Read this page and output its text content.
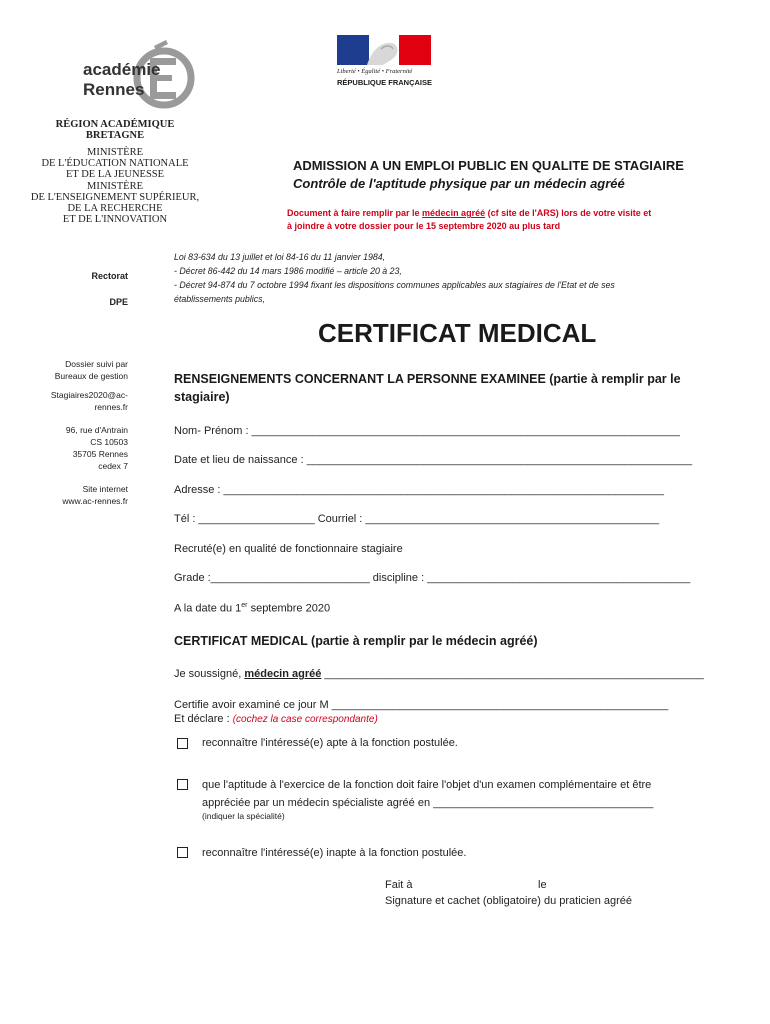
académie
Rennes
Liberté • Égalité • Fraternité
RÉPUBLIQUE FRANÇAISE
RÉGION ACADÉMIQUE
BRETAGNE
MINISTÈRE
DE L'ÉDUCATION NATIONALE
ET DE LA JEUNESSE
MINISTÈRE
DE L'ENSEIGNEMENT SUPÉRIEUR,
DE LA RECHERCHE
ET DE L'INNOVATION
ADMISSION A UN EMPLOI PUBLIC EN QUALITE DE STAGIAIRE
Contrôle de l'aptitude physique par un médecin agréé
Document à faire remplir par le médecin agréé (cf site de l'ARS) lors de votre visite et
à joindre à votre dossier pour le 15 septembre 2020 au plus tard
Rectorat
DPE
Dossier suivi par
Bureaux de gestion
Stagiaires2020@ac-
rennes.fr
96, rue d'Antrain
CS 10503
35705 Rennes
cedex 7
Site internet
www.ac-rennes.fr
Loi 83-634 du 13 juillet et loi 84-16 du 11 janvier 1984,
- Décret 86-442 du 14 mars 1986 modifié – article 20 à 23,
- Décret 94-874 du 7 octobre 1994 fixant les dispositions communes applicables aux stagiaires de l'Etat et de ses
établissements publics,
CERTIFICAT MEDICAL
RENSEIGNEMENTS CONCERNANT LA PERSONNE EXAMINEE (partie à remplir par le
stagiaire)
Nom- Prénom : ______________________________________________________________________
Date et lieu de naissance : _______________________________________________________________
Adresse : ________________________________________________________________________
Tél : ___________________ Courriel : ________________________________________________
Recruté(e) en qualité de fonctionnaire stagiaire
Grade :__________________________ discipline : ___________________________________________
A la date du 1er septembre 2020
CERTIFICAT MEDICAL (partie à remplir par le médecin agréé)
Je soussigné, médecin agréé ______________________________________________________________
Certifie avoir examiné ce jour M _______________________________________________________
Et déclare : (cochez la case correspondante)
reconnaître l'intéressé(e) apte à la fonction postulée.
que l'aptitude à l'exercice de la fonction doit faire l'objet d'un examen complémentaire et être
appréciée par un médecin spécialiste agréé en ____________________________________
(indiquer la spécialité)
reconnaître l'intéressé(e) inapte à la fonction postulée.
Fait à	le
Signature et cachet (obligatoire) du praticien agréé
